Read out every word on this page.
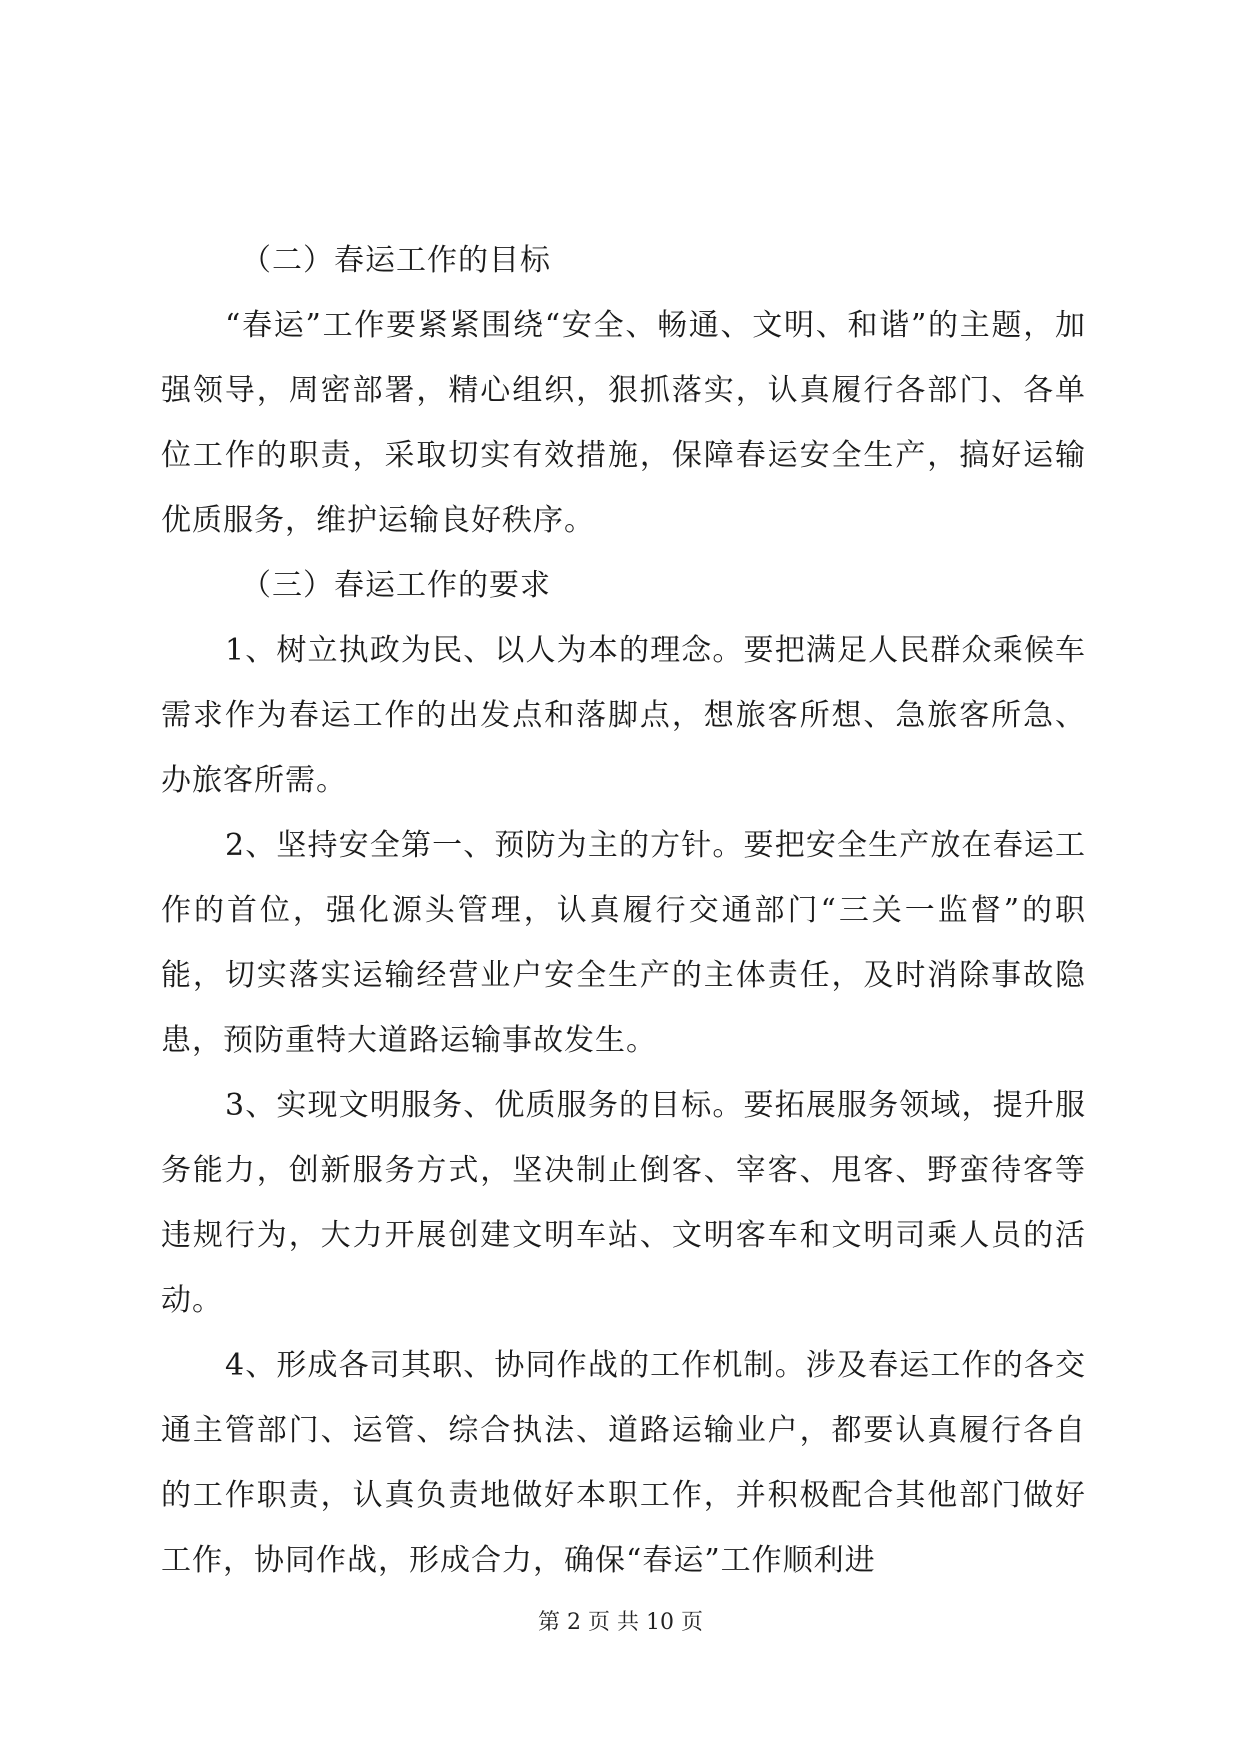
（二）春运工作的目标

“春运”工作要紧紧围绕“安全、畅通、文明、和谐”的主题，加强领导，周密部署，精心组织，狠抓落实，认真履行各部门、各单位工作的职责，采取切实有效措施，保障春运安全生产，搞好运输优质服务，维护运输良好秩序。

（三）春运工作的要求

1、树立执政为民、以人为本的理念。要把满足人民群众乘候车需求作为春运工作的出发点和落脚点，想旅客所想、急旅客所急、办旅客所需。

2、坚持安全第一、预防为主的方针。要把安全生产放在春运工作的首位，强化源头管理，认真履行交通部门“三关一监督”的职能，切实落实运输经营业户安全生产的主体责任，及时消除事故隐患，预防重特大道路运输事故发生。

3、实现文明服务、优质服务的目标。要拓展服务领域，提升服务能力，创新服务方式，坚决制止倒客、宰客、甩客、野蛮待客等违规行为，大力开展创建文明车站、文明客车和文明司乘人员的活动。

4、形成各司其职、协同作战的工作机制。涉及春运工作的各交通主管部门、运管、综合执法、道路运输业户，都要认真履行各自的工作职责，认真负责地做好本职工作，并积极配合其他部门做好工作，协同作战，形成合力，确保“春运”工作顺利进

第 2 页 共 10 页
